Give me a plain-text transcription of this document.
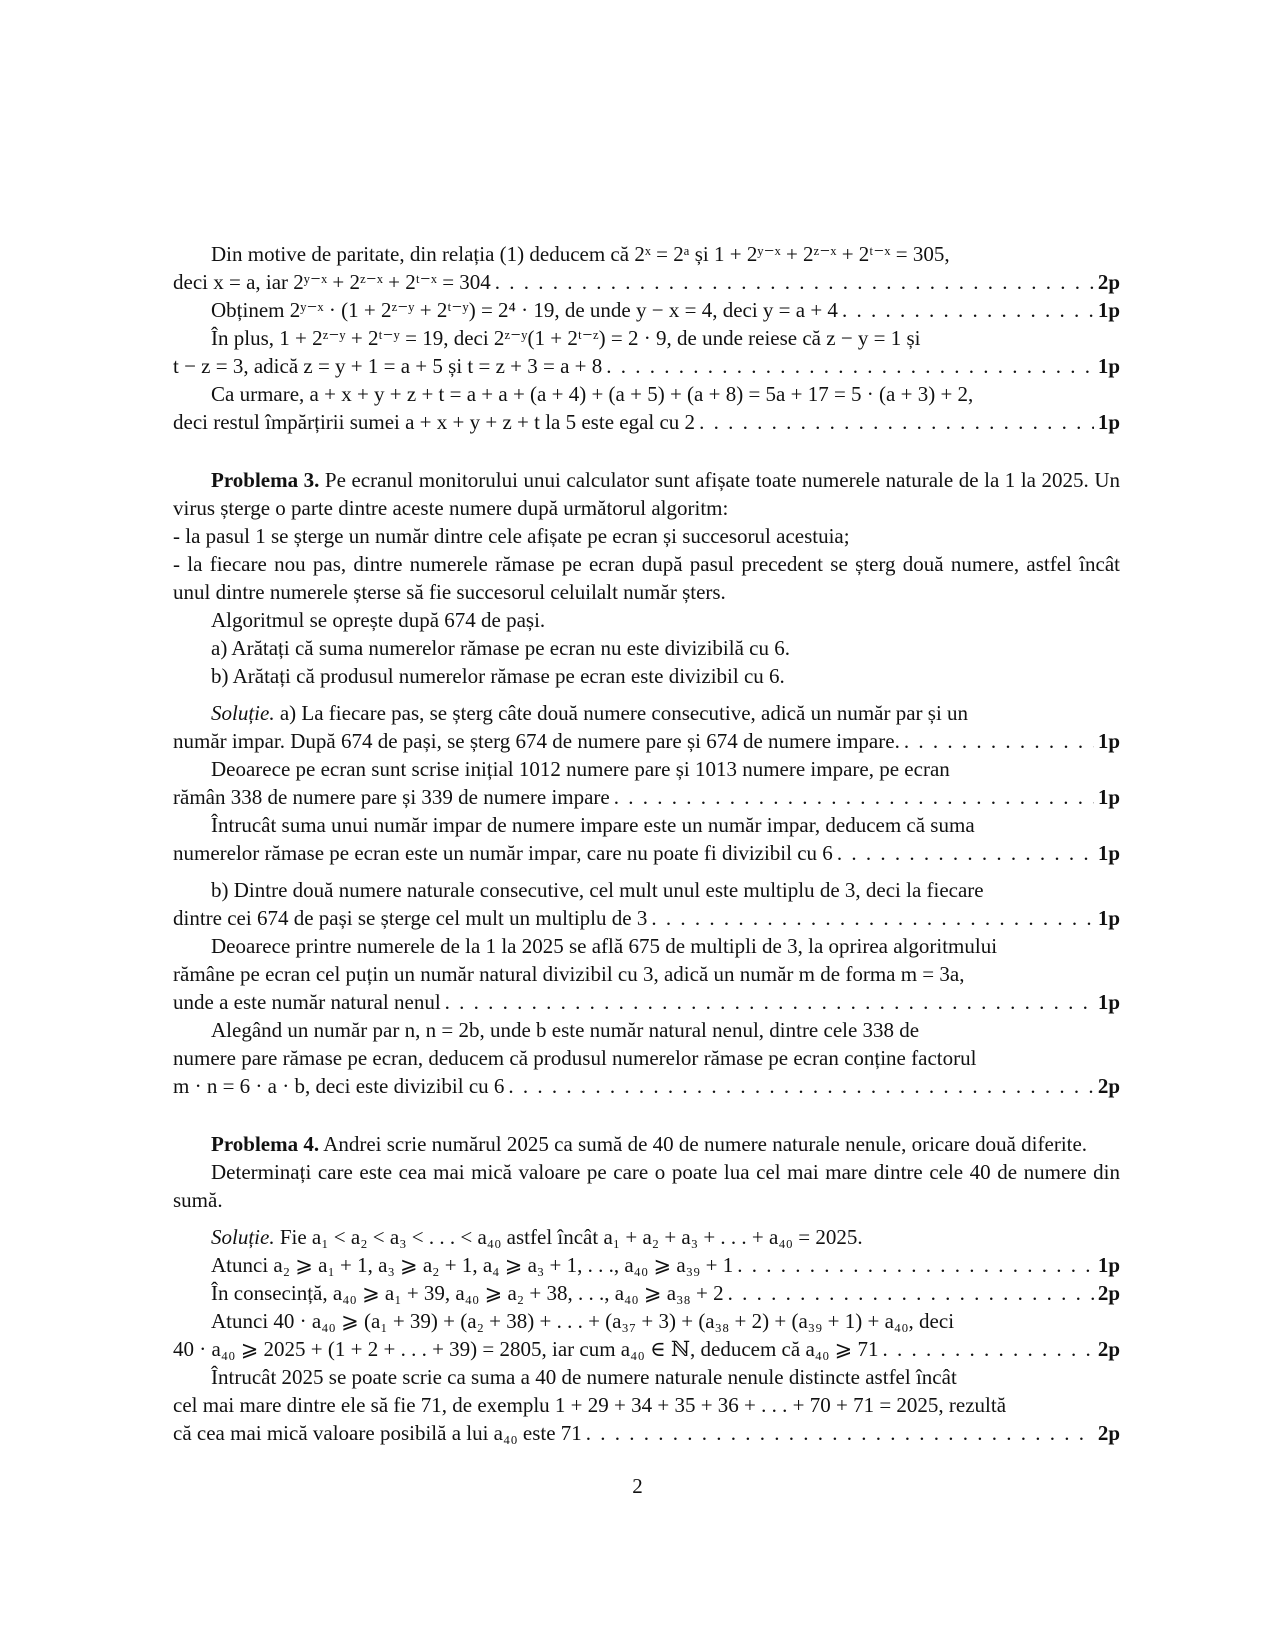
Din motive de paritate, din relația (1) deducem că 2ˣ = 2ᵃ și 1 + 2ʸ⁻ˣ + 2ᶻ⁻ˣ + 2ᵗ⁻ˣ = 305,

deci x = a, iar 2ʸ⁻ˣ + 2ᶻ⁻ˣ + 2ᵗ⁻ˣ = 304 . . .	2p
Obținem 2ʸ⁻ˣ · (1 + 2ᶻ⁻ʸ + 2ᵗ⁻ʸ) = 2⁴ · 19, de unde y − x = 4, deci y = a + 4 . . .	1p

În plus, 1 + 2ᶻ⁻ʸ + 2ᵗ⁻ʸ = 19, deci 2ᶻ⁻ʸ(1 + 2ᵗ⁻ᶻ) = 2 · 9, de unde reiese că z − y = 1 și

t − z = 3, adică z = y + 1 = a + 5 și t = z + 3 = a + 8 . . .	1p

Ca urmare, a + x + y + z + t = a + a + (a + 4) + (a + 5) + (a + 8) = 5a + 17 = 5 · (a + 3) + 2,

deci restul împărțirii sumei a + x + y + z + t la 5 este egal cu 2 . . .	1p

Problema 3. Pe ecranul monitorului unui calculator sunt afișate toate numerele naturale de la 1 la 2025. Un virus șterge o parte dintre aceste numere după următorul algoritm:

- la pasul 1 se șterge un număr dintre cele afișate pe ecran și succesorul acestuia;

- la fiecare nou pas, dintre numerele rămase pe ecran după pasul precedent se șterg două numere, astfel încât unul dintre numerele șterse să fie succesorul celuilalt număr șters.

Algoritmul se oprește după 674 de pași.

a) Arătați că suma numerelor rămase pe ecran nu este divizibilă cu 6.

b) Arătați că produsul numerelor rămase pe ecran este divizibil cu 6.

Soluție. a) La fiecare pas, se șterg câte două numere consecutive, adică un număr par și un

număr impar. După 674 de pași, se șterg 674 de numere pare și 674 de numere impare. . . .	1p

Deoarece pe ecran sunt scrise inițial 1012 numere pare și 1013 numere impare, pe ecran

rămân 338 de numere pare și 339 de numere impare . . .	1p

Întrucât suma unui număr impar de numere impare este un număr impar, deducem că suma

numerelor rămase pe ecran este un număr impar, care nu poate fi divizibil cu 6 . . .	1p

b) Dintre două numere naturale consecutive, cel mult unul este multiplu de 3, deci la fiecare

dintre cei 674 de pași se șterge cel mult un multiplu de 3 . . .	1p

Deoarece printre numerele de la 1 la 2025 se află 675 de multipli de 3, la oprirea algoritmului

rămâne pe ecran cel puțin un număr natural divizibil cu 3, adică un număr m de forma m = 3a,

unde a este număr natural nenul . . .	1p

Alegând un număr par n, n = 2b, unde b este număr natural nenul, dintre cele 338 de

numere pare rămase pe ecran, deducem că produsul numerelor rămase pe ecran conține factorul

m · n = 6 · a · b, deci este divizibil cu 6 . . .	2p

Problema 4. Andrei scrie numărul 2025 ca sumă de 40 de numere naturale nenule, oricare două diferite.

Determinați care este cea mai mică valoare pe care o poate lua cel mai mare dintre cele 40 de numere din sumă.

Soluție. Fie a₁ < a₂ < a₃ < . . . < a₄₀ astfel încât a₁ + a₂ + a₃ + . . . + a₄₀ = 2025.

Atunci a₂ ⩾ a₁ + 1, a₃ ⩾ a₂ + 1, a₄ ⩾ a₃ + 1, . . ., a₄₀ ⩾ a₃₉ + 1 . . .	1p
În consecință, a₄₀ ⩾ a₁ + 39, a₄₀ ⩾ a₂ + 38, . . ., a₄₀ ⩾ a₃₈ + 2 . . .	2p

Atunci 40 · a₄₀ ⩾ (a₁ + 39) + (a₂ + 38) + . . . + (a₃₇ + 3) + (a₃₈ + 2) + (a₃₉ + 1) + a₄₀, deci

40 · a₄₀ ⩾ 2025 + (1 + 2 + . . . + 39) = 2805, iar cum a₄₀ ∈ ℕ, deducem că a₄₀ ⩾ 71 . . .	2p

Întrucât 2025 se poate scrie ca suma a 40 de numere naturale nenule distincte astfel încât

cel mai mare dintre ele să fie 71, de exemplu 1 + 29 + 34 + 35 + 36 + . . . + 70 + 71 = 2025, rezultă

că cea mai mică valoare posibilă a lui a₄₀ este 71 . . .	2p
2
